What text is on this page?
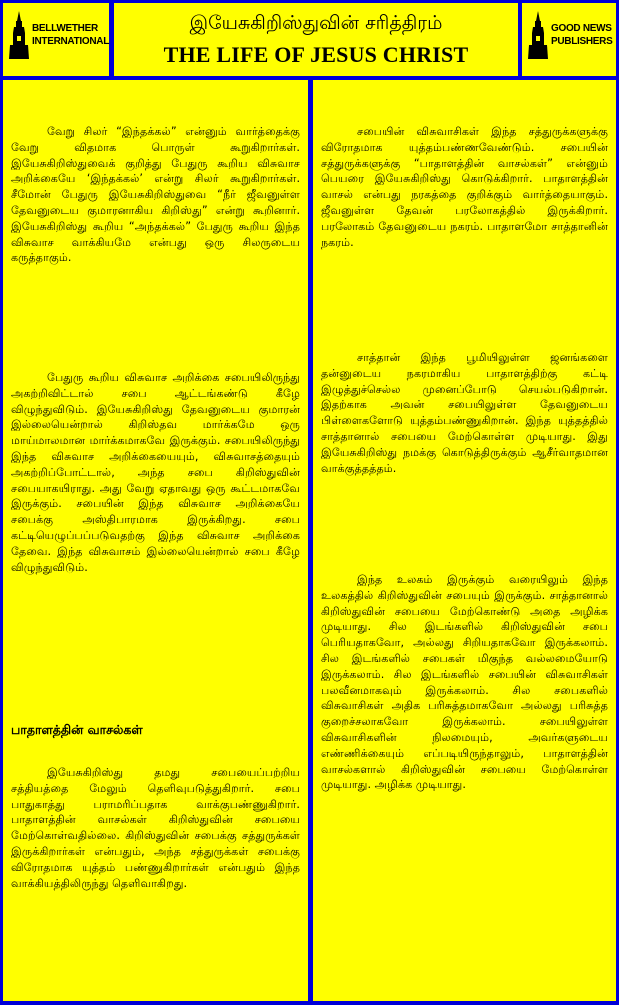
BELLWETHER
INTERNATIONAL
இயேசுகிறிஸ்துவின் சரித்திரம்
THE LIFE OF JESUS CHRIST
GOOD NEWS
PUBLISHERS

வேறு சிலர் “இந்தக்கல்” என்னும் வார்த்தைக்கு வேறு விதமாக பொருள் கூறுகிறார்கள். இயேசுகிறிஸ்துவைக் குறித்து பேதுரு கூறிய விசுவாச அறிக்கையே ‘இந்தக்கல்’ என்று சிலர் கூறுகிறார்கள். சீமோன் பேதுரு இயேசுகிறிஸ்துவை “நீர் ஜீவனுள்ள தேவனுடைய குமாரனாகிய கிறிஸ்து” என்று கூறினார். இயேசுகிறிஸ்து கூறிய “அந்தக்கல்” பேதுரு கூறிய இந்த விசுவாச வாக்கியமே என்பது ஒரு சிலருடைய கருத்தாகும்.

பேதுரு கூறிய விசுவாச அறிக்கை சபையிலிருந்து அகற்றிவிட்டால் சபை ஆட்டங்கண்டு கீழே விழுந்துவிடும். இயேசுகிறிஸ்து தேவனுடைய குமாரன் இல்லையென்றால் கிறிஸ்தவ மார்க்கமே ஒரு மாய்மாலமான மார்க்கமாகவே இருக்கும். சபையிலிருந்து இந்த விசுவாச அறிக்கையையும், விசுவாசத்தையும் அகற்றிப்போட்டால், அந்த சபை கிறிஸ்துவின் சபையாகயிராது. அது வேறு ஏதாவது ஒரு கூட்டமாகவே இருக்கும். சபையின் இந்த விசுவாச அறிக்கையே சபைக்கு அஸ்திபாரமாக இருக்கிறது. சபை கட்டியெழுப்பப்படுவதற்கு இந்த விசுவாச அறிக்கை தேவை. இந்த விசுவாசம் இல்லையென்றால் சபை கீழே விழுந்துவிடும்.

பாதாளத்தின் வாசல்கள்

இயேசுகிறிஸ்து தமது சபையைப்பற்றிய சத்தியத்தை மேலும் தெளிவுபடுத்துகிறார். சபை பாதுகாத்து பராமரிப்பதாக வாக்குபண்ணுகிறார். பாதாளத்தின் வாசல்கள் கிறிஸ்துவின் சபையை மேற்கொள்வதில்லை. கிறிஸ்துவின் சபைக்கு சத்துருக்கள் இருக்கிறார்கள் என்பதும், அந்த சத்துருக்கள் சபைக்கு விரோதமாக யுத்தம் பண்ணுகிறார்கள் என்பதும் இந்த வாக்கியத்திலிருந்து தெளிவாகிறது.

சபையின் விசுவாசிகள் இந்த சத்துருக்களுக்கு விரோதமாக யுத்தம்பண்ணவேண்டும். சபையின் சத்துருக்களுக்கு “பாதாளத்தின் வாசல்கள்” என்னும் பெயரை இயேசுகிறிஸ்து கொடுக்கிறார். பாதாளத்தின் வாசல் என்பது நரகத்தை குறிக்கும் வார்த்தையாகும். ஜீவனுள்ள தேவன் பரலோகத்தில் இருக்கிறார். பரலோகம் தேவனுடைய நகரம். பாதாளமோ சாத்தானின் நகரம்.

சாத்தான் இந்த பூமியிலுள்ள ஜனங்களை தன்னுடைய நகரமாகிய பாதாளத்திற்கு கட்டி இழுத்துச்செல்ல முனைப்போடு செயல்படுகிறான். இதற்காக அவன் சபையிலுள்ள தேவனுடைய பிள்ளைகளோடு யுத்தம்பண்ணுகிறான். இந்த யுத்தத்தில் சாத்தானால் சபையை மேற்கொள்ள முடியாது. இது இயேசுகிறிஸ்து நமக்கு கொடுத்திருக்கும் ஆசீர்வாதமான வாக்குத்தத்தம்.

இந்த உலகம் இருக்கும் வரையிலும் இந்த உலகத்தில் கிறிஸ்துவின் சபையும் இருக்கும். சாத்தானால் கிறிஸ்துவின் சபையை மேற்கொண்டு அதை அழிக்க முடியாது. சில இடங்களில் கிறிஸ்துவின் சபை பெரியதாகவோ, அல்லது சிறியதாகவோ இருக்கலாம். சில இடங்களில் சபைகள் மிகுந்த வல்லமையோடு இருக்கலாம். சில இடங்களில் சபையின் விசுவாசிகள் பலவீனமாகவும் இருக்கலாம். சில சபைகளில் விசுவாசிகள் அதிக பரிசுத்தமாகவோ அல்லது பரிசுத்த குறைச்சலாகவோ இருக்கலாம். சபையிலுள்ள விசுவாசிகளின் நிலமையும், அவர்களுடைய எண்ணிக்கையும் எப்படியிருந்தாலும், பாதாளத்தின் வாசல்களால் கிறிஸ்துவின் சபையை மேற்கொள்ள முடியாது. அழிக்க முடியாது.
